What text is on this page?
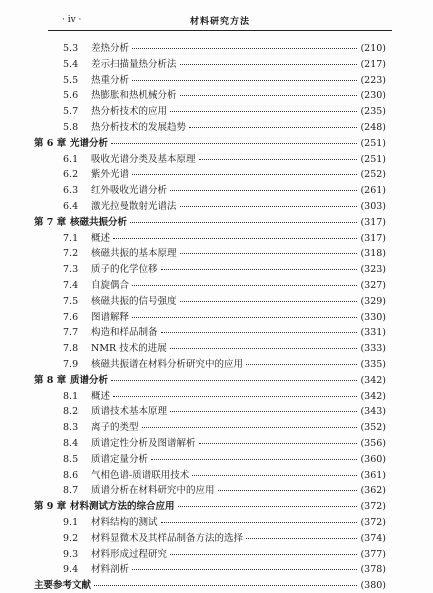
· iv ·	材料研究方法
5.3	差热分析	(210)
5.4	差示扫描量热分析法	(217)
5.5	热重分析	(223)
5.6	热膨胀和热机械分析	(230)
5.7	热分析技术的应用	(235)
5.8	热分析技术的发展趋势	(248)
第 6 章 光谱分析	(251)
6.1	吸收光谱分类及基本原理	(251)
6.2	紫外光谱	(252)
6.3	红外吸收光谱分析	(261)
6.4	激光拉曼散射光谱法	(303)
第 7 章 核磁共振分析	(317)
7.1	概述	(317)
7.2	核磁共振的基本原理	(318)
7.3	质子的化学位移	(323)
7.4	自旋偶合	(327)
7.5	核磁共振的信号强度	(329)
7.6	图谱解释	(330)
7.7	构造和样品制备	(331)
7.8	NMR 技术的进展	(333)
7.9	核磁共振谱在材料分析研究中的应用	(335)
第 8 章 质谱分析	(342)
8.1	概述	(342)
8.2	质谱技术基本原理	(343)
8.3	离子的类型	(352)
8.4	质谱定性分析及图谱解析	(356)
8.5	质谱定量分析	(360)
8.6	气相色谱-质谱联用技术	(361)
8.7	质谱分析在材料研究中的应用	(362)
第 9 章 材料测试方法的综合应用	(372)
9.1	材料结构的测试	(372)
9.2	材料显微术及其样品制备方法的选择	(374)
9.3	材料形成过程研究	(377)
9.4	材料剖析	(378)
主要参考文献	(380)
